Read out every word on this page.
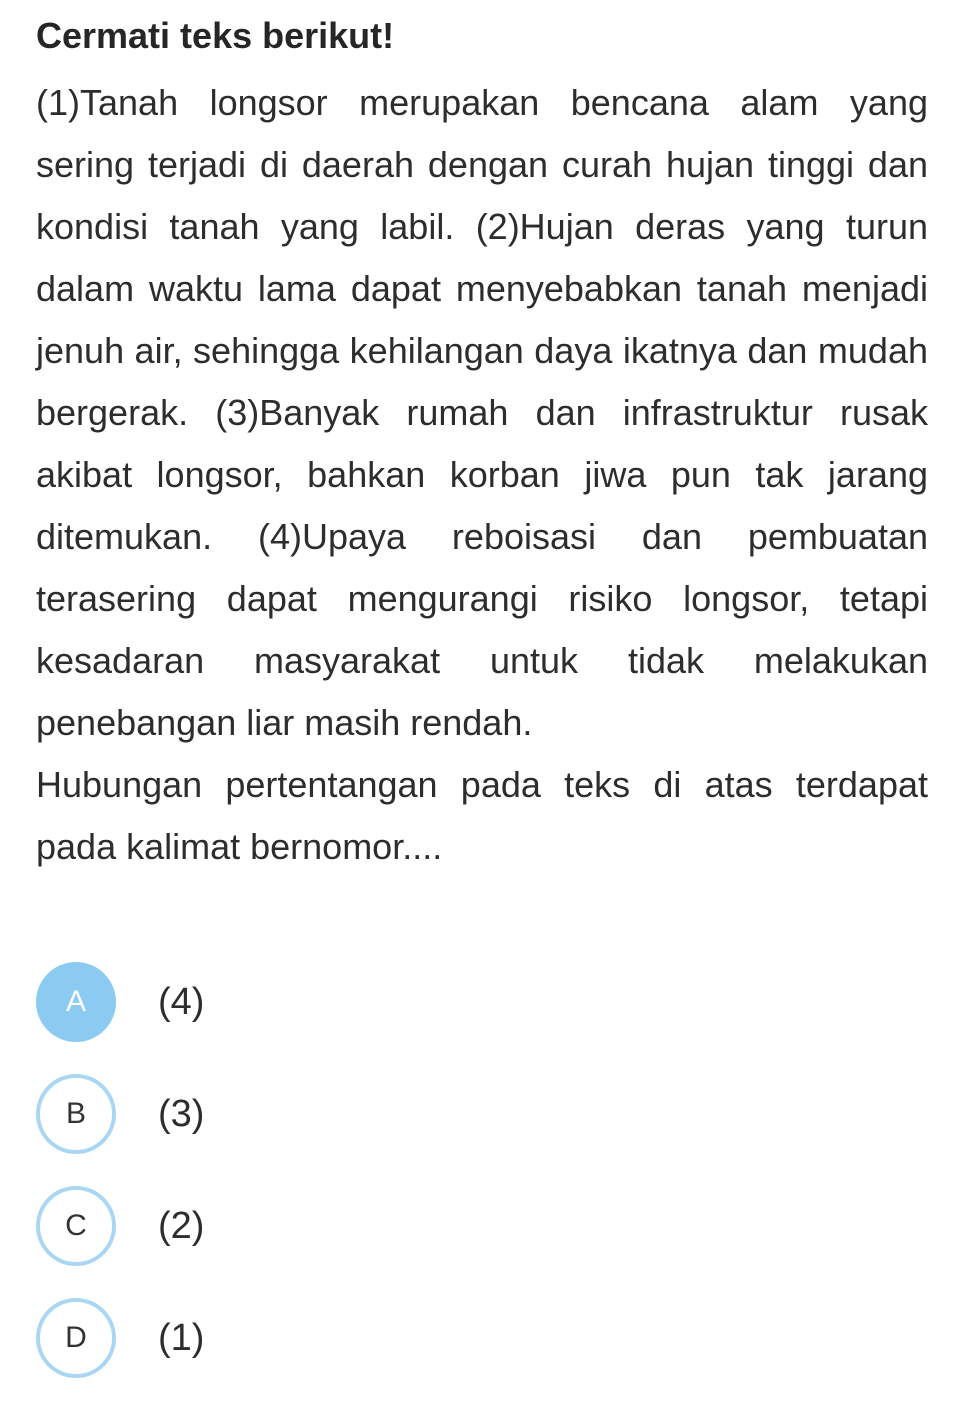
Cermati teks berikut!

(1)Tanah longsor merupakan bencana alam yang sering terjadi di daerah dengan curah hujan tinggi dan kondisi tanah yang labil. (2)Hujan deras yang turun dalam waktu lama dapat menyebabkan tanah menjadi jenuh air, sehingga kehilangan daya ikatnya dan mudah bergerak. (3)Banyak rumah dan infrastruktur rusak akibat longsor, bahkan korban jiwa pun tak jarang ditemukan. (4)Upaya reboisasi dan pembuatan terasering dapat mengurangi risiko longsor, tetapi kesadaran masyarakat untuk tidak melakukan penebangan liar masih rendah.

Hubungan pertentangan pada teks di atas terdapat pada kalimat bernomor....

A	(4)
B	(3)
C	(2)
D	(1)
